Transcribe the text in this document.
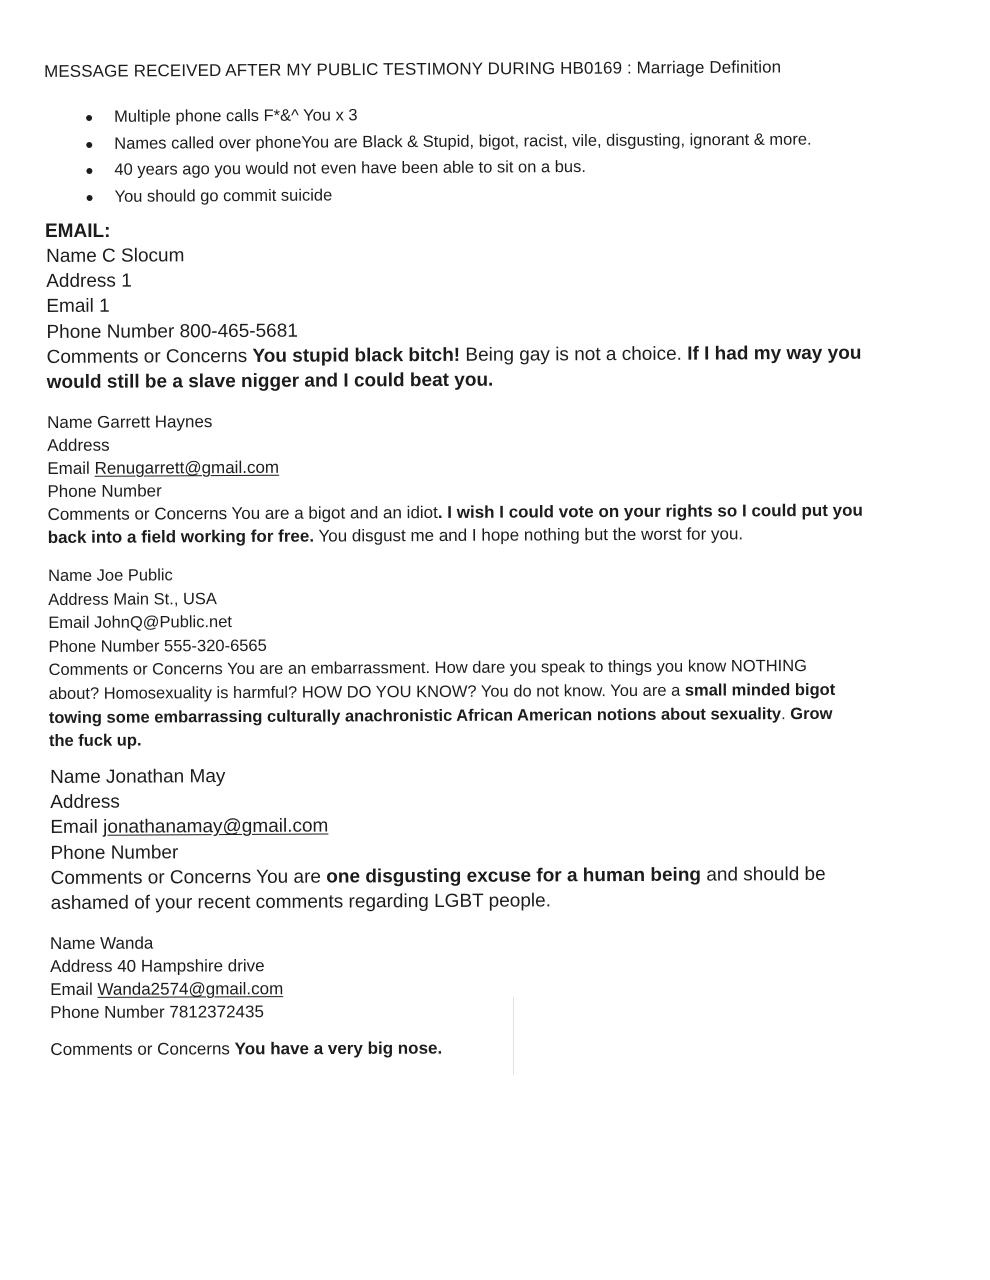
MESSAGE RECEIVED AFTER MY PUBLIC TESTIMONY DURING HB0169 : Marriage Definition
Multiple phone calls F*&^ You x 3
Names called over phoneYou are Black & Stupid, bigot, racist, vile, disgusting, ignorant & more.
40 years ago you would not even have been able to sit on a bus.
You should go commit suicide
EMAIL:
Name C Slocum
Address 1
Email 1
Phone Number 800-465-5681
Comments or Concerns You stupid black bitch! Being gay is not a choice. If I had my way you
would still be a slave nigger and I could beat you.
Name Garrett Haynes
Address
Email Renugarrett@gmail.com
Phone Number
Comments or Concerns You are a bigot and an idiot. I wish I could vote on your rights so I could put you
back into a field working for free. You disgust me and I hope nothing but the worst for you.
Name Joe Public
Address Main St., USA
Email JohnQ@Public.net
Phone Number 555-320-6565
Comments or Concerns You are an embarrassment. How dare you speak to things you know NOTHING
about? Homosexuality is harmful? HOW DO YOU KNOW? You do not know. You are a small minded bigot
towing some embarrassing culturally anachronistic African American notions about sexuality. Grow
the fuck up.
Name Jonathan May
Address
Email jonathanamay@gmail.com
Phone Number
Comments or Concerns You are one disgusting excuse for a human being and should be
ashamed of your recent comments regarding LGBT people.
Name Wanda
Address 40 Hampshire drive
Email Wanda2574@gmail.com
Phone Number 7812372435
Comments or Concerns You have a very big nose.
